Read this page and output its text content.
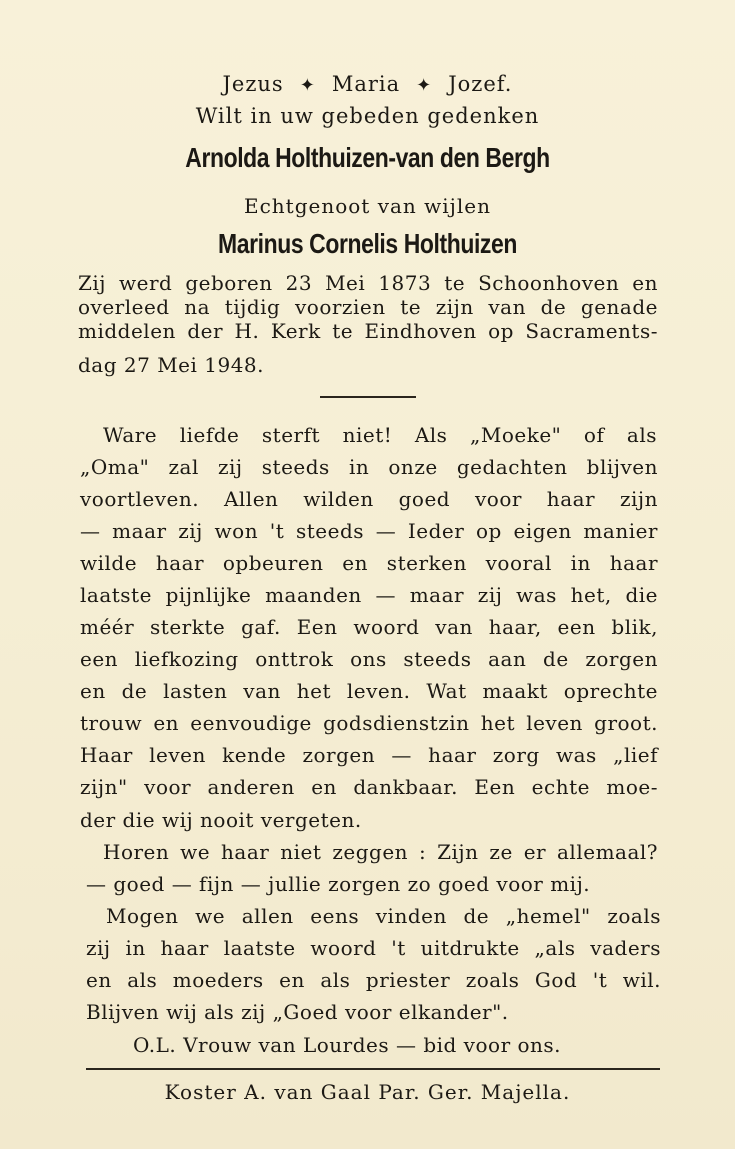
Jezus ✦ Maria ✦ Jozef.
Wilt in uw gebeden gedenken
Arnolda Holthuizen-van den Bergh
Echtgenoot van wijlen
Marinus Cornelis Holthuizen
Zij werd geboren 23 Mei 1873 te Schoonhoven en
overleed na tijdig voorzien te zijn van de genade
middelen der H. Kerk te Eindhoven op Sacraments-
dag 27 Mei 1948.
Ware liefde sterft niet! Als „Moeke" of als
„Oma" zal zij steeds in onze gedachten blijven
voortleven. Allen wilden goed voor haar zijn
— maar zij won 't steeds — Ieder op eigen manier
wilde haar opbeuren en sterken vooral in haar
laatste pijnlijke maanden — maar zij was het, die
méér sterkte gaf. Een woord van haar, een blik,
een liefkozing onttrok ons steeds aan de zorgen
en de lasten van het leven. Wat maakt oprechte
trouw en eenvoudige godsdienstzin het leven groot.
Haar leven kende zorgen — haar zorg was „lief
zijn" voor anderen en dankbaar. Een echte moe-
der die wij nooit vergeten.
Horen we haar niet zeggen : Zijn ze er allemaal?
— goed — fijn — jullie zorgen zo goed voor mij.
Mogen we allen eens vinden de „hemel" zoals
zij in haar laatste woord 't uitdrukte „als vaders
en als moeders en als priester zoals God 't wil.
Blijven wij als zij „Goed voor elkander".
O.L. Vrouw van Lourdes — bid voor ons.
Koster A. van Gaal Par. Ger. Majella.
